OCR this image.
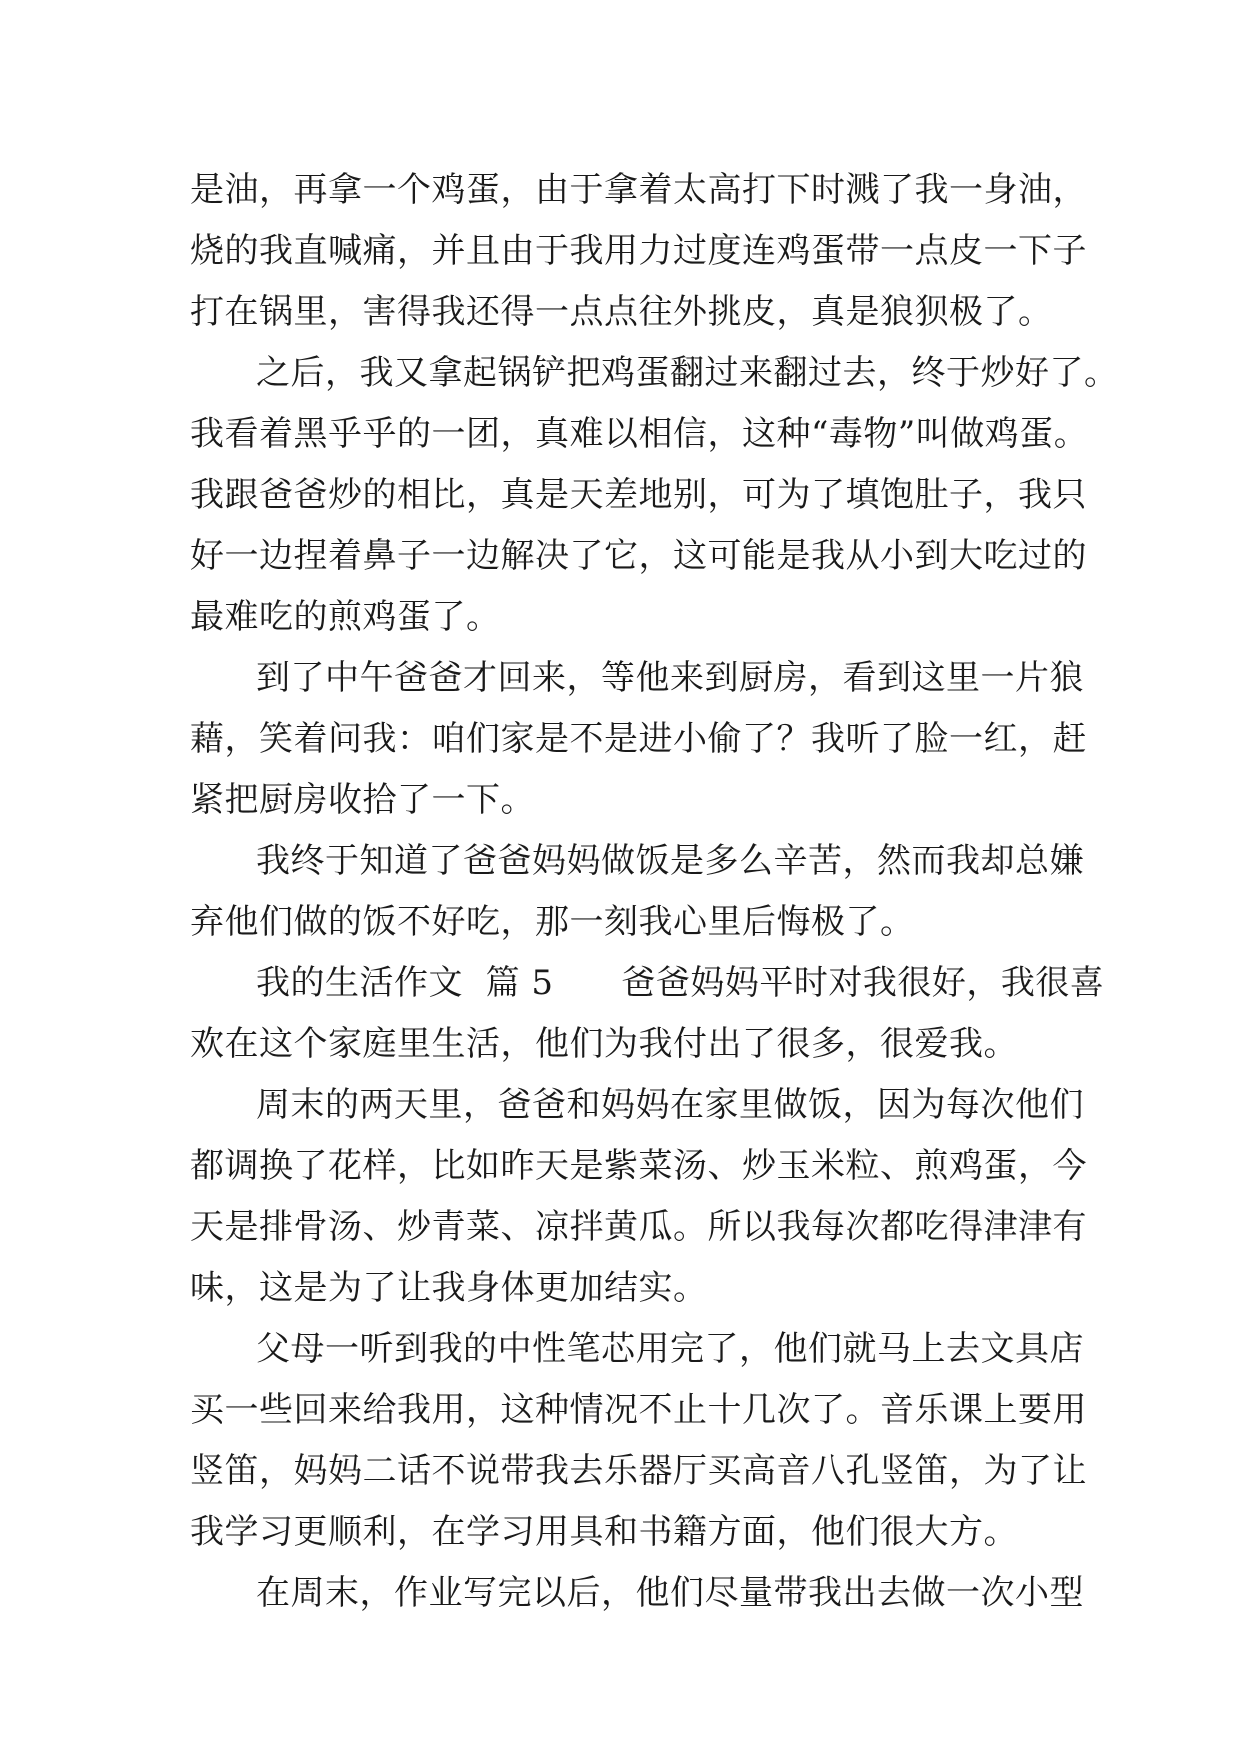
是油，再拿一个鸡蛋，由于拿着太高打下时溅了我一身油，
烧的我直喊痛，并且由于我用力过度连鸡蛋带一点皮一下子
打在锅里，害得我还得一点点往外挑皮，真是狼狈极了。
之后，我又拿起锅铲把鸡蛋翻过来翻过去，终于炒好了。
我看着黑乎乎的一团，真难以相信，这种“毒物”叫做鸡蛋。
我跟爸爸炒的相比，真是天差地别，可为了填饱肚子，我只
好一边捏着鼻子一边解决了它，这可能是我从小到大吃过的
最难吃的煎鸡蛋了。
到了中午爸爸才回来，等他来到厨房，看到这里一片狼
藉，笑着问我：咱们家是不是进小偷了？我听了脸一红，赶
紧把厨房收拾了一下。
我终于知道了爸爸妈妈做饭是多么辛苦，然而我却总嫌
弃他们做的饭不好吃，那一刻我心里后悔极了。
我的生活作文  篇 5      爸爸妈妈平时对我很好，我很喜
欢在这个家庭里生活，他们为我付出了很多，很爱我。
周末的两天里，爸爸和妈妈在家里做饭，因为每次他们
都调换了花样，比如昨天是紫菜汤、炒玉米粒、煎鸡蛋，今
天是排骨汤、炒青菜、凉拌黄瓜。所以我每次都吃得津津有
味，这是为了让我身体更加结实。
父母一听到我的中性笔芯用完了，他们就马上去文具店
买一些回来给我用，这种情况不止十几次了。音乐课上要用
竖笛，妈妈二话不说带我去乐器厅买高音八孔竖笛，为了让
我学习更顺利，在学习用具和书籍方面，他们很大方。
在周末，作业写完以后，他们尽量带我出去做一次小型
